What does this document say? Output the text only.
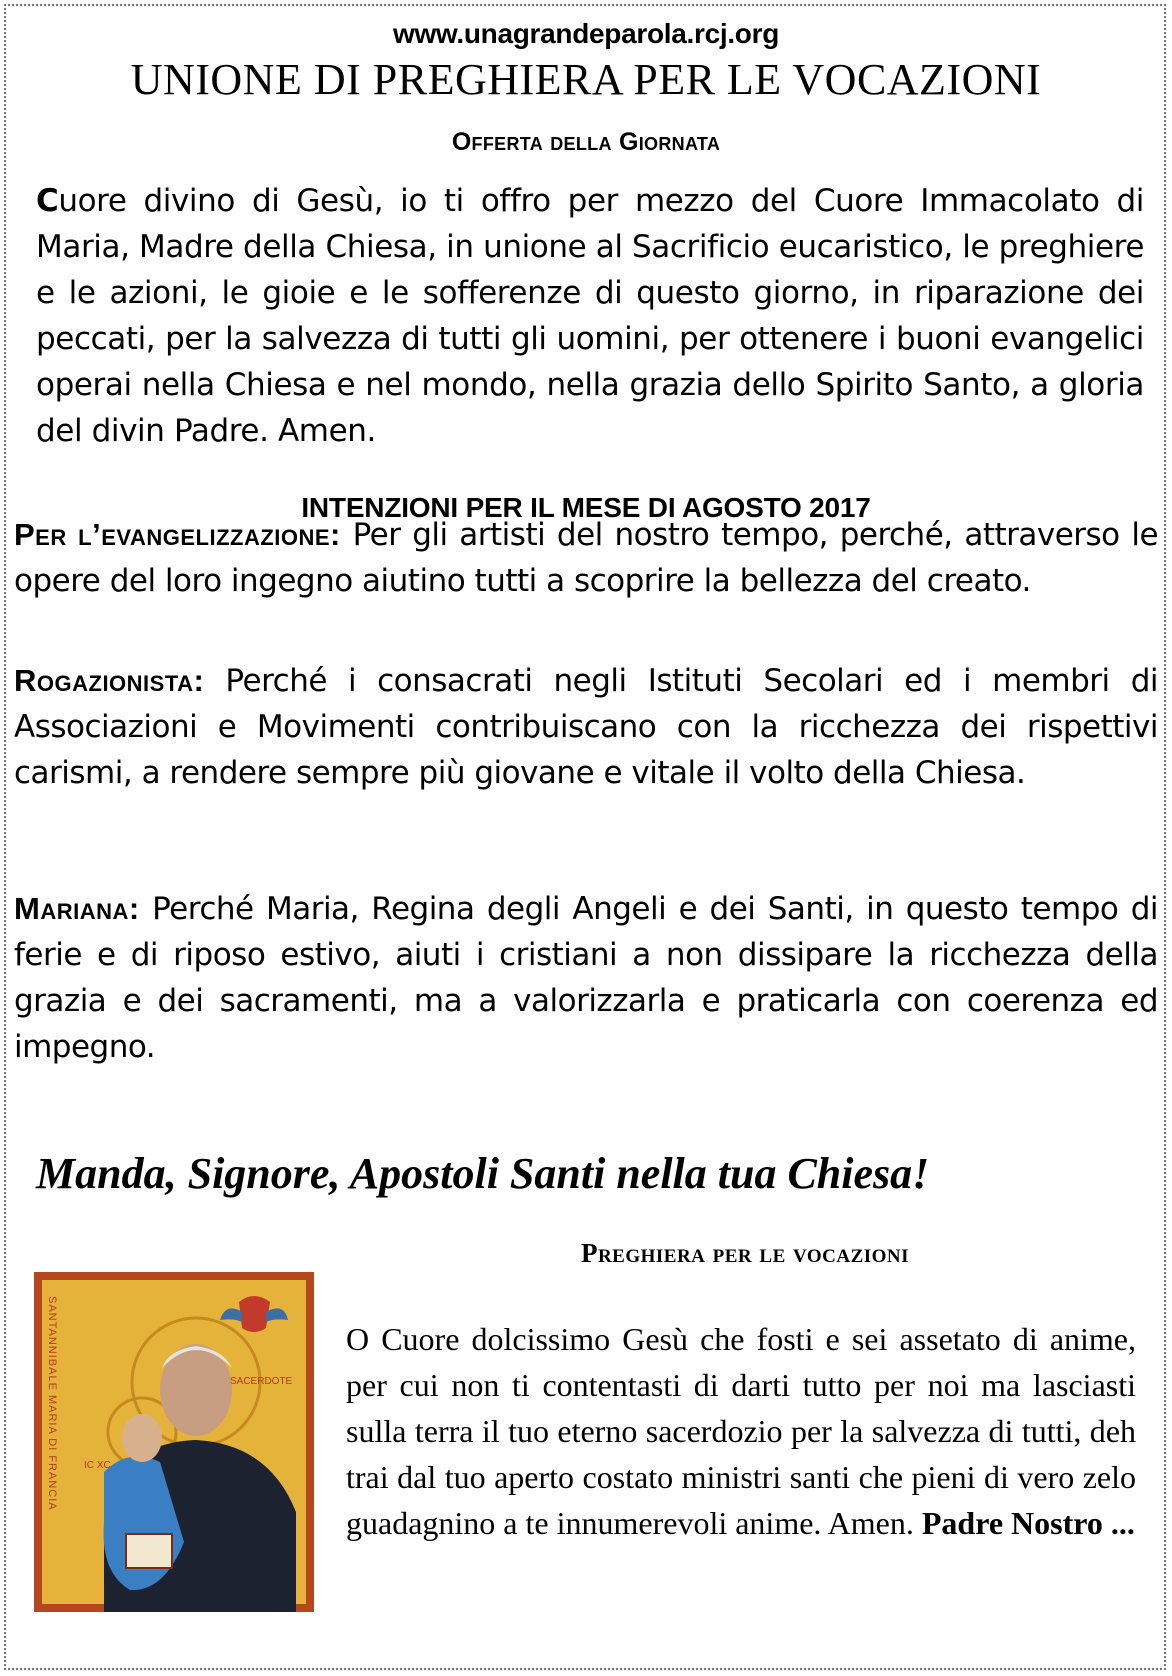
www.unagrandeparola.rcj.org
UNIONE DI PREGHIERA PER LE VOCAZIONI
Offerta della Giornata
Cuore divino di Gesù, io ti offro per mezzo del Cuore Immacolato di Maria, Madre della Chiesa, in unione al Sacrificio eucaristico, le preghiere e le azioni, le gioie e le sofferenze di questo giorno, in riparazione dei peccati, per la salvezza di tutti gli uomini, per ottenere i buoni evangelici operai nella Chiesa e nel mondo, nella grazia dello Spirito Santo, a gloria del divin Padre. Amen.
INTENZIONI PER IL MESE DI AGOSTO 2017
Per l’evangelizzazione: Per gli artisti del nostro tempo, perché, attraverso le opere del loro ingegno aiutino tutti a scoprire la bellezza del creato.
Rogazionista: Perché i consacrati negli Istituti Secolari ed i membri di Associazioni e Movimenti contribuiscano con la ricchezza dei rispettivi carismi, a rendere sempre più giovane e vitale il volto della Chiesa.
Mariana: Perché Maria, Regina degli Angeli e dei Santi, in questo tempo di ferie e di riposo estivo, aiuti i cristiani a non dissipare la ricchezza della grazia e dei sacramenti, ma a valorizzarla e praticarla con coerenza ed impegno.
Manda, Signore, Apostoli Santi nella tua Chiesa!
Preghiera per le vocazioni
SANTANNIBALE MARIA DI FRANCIA	SACERDOTE
IC XC
O Cuore dolcissimo Gesù che fosti e sei assetato di anime, per cui non ti contentasti di darti tutto per noi ma lasciasti sulla terra il tuo eterno sacerdozio per la salvezza di tutti, deh trai dal tuo aperto costato ministri santi che pieni di vero zelo guadagnino a te innumerevoli anime. Amen. Padre Nostro ...
